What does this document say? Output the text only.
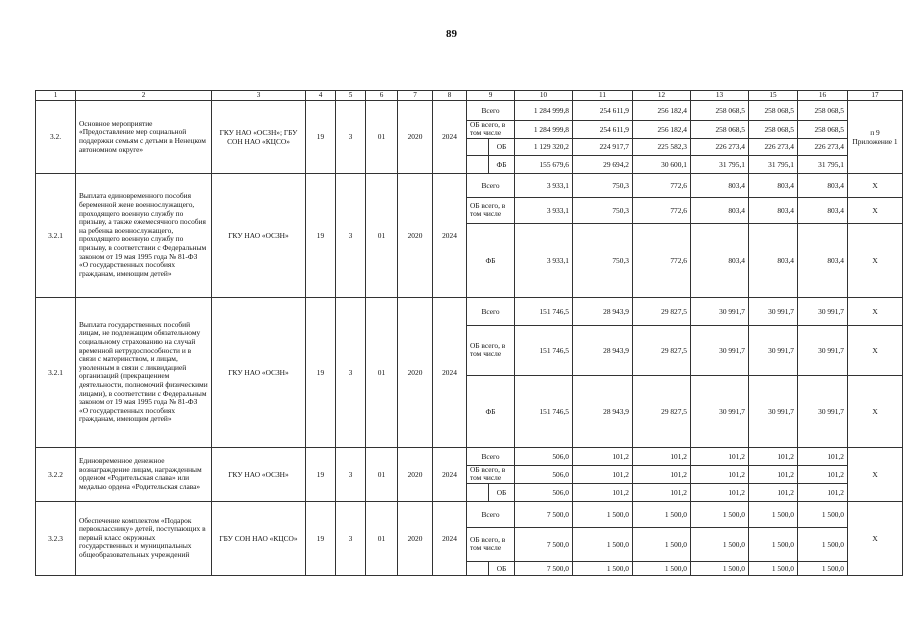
89
1	2	3	4	5	6	7	8	9		10	11	12	13	15	16	17
3.2.	Основное мероприятие «Предоставление мер социальной поддержки семьям с детьми в Ненецком автономном округе»	ГКУ НАО «ОСЗН»; ГБУ СОН НАО «КЦСО»	19	3	01	2020	2024	Всего		1 284 999,8	254 611,9	256 182,4	258 068,5	258 068,5	258 068,5	п 9 Приложение 1
								ОБ всего, в том числе		1 284 999,8	254 611,9	256 182,4	258 068,5	258 068,5	258 068,5	
									ОБ	1 129 320,2	224 917,7	225 582,3	226 273,4	226 273,4	226 273,4	
									ФБ	155 679,6	29 694,2	30 600,1	31 795,1	31 795,1	31 795,1	
3.2.1	Выплата единовременного пособия беременной жене военнослужащего, проходящего военную службу по призыву, а также ежемесячного пособия на ребенка военнослужащего, проходящего военную службу по призыву, в соответствии с Федеральным законом от 19 мая 1995 года № 81-ФЗ «О государственных пособиях гражданам, имеющим детей»	ГКУ НАО «ОСЗН»	19	3	01	2020	2024	Всего		3 933,1	750,3	772,6	803,4	803,4	803,4	X
								ОБ всего, в том числе		3 933,1	750,3	772,6	803,4	803,4	803,4	X
								ФБ		3 933,1	750,3	772,6	803,4	803,4	803,4	X
3.2.1	Выплата государственных пособий лицам, не подлежащим обязательному социальному страхованию на случай временной нетрудоспособности и в связи с материнством, и лицам, уволенным в связи с ликвидацией организаций (прекращением деятельности, полномочий физическими лицами), в соответствии с Федеральным законом от 19 мая 1995 года № 81-ФЗ «О государственных пособиях гражданам, имеющим детей»	ГКУ НАО «ОСЗН»	19	3	01	2020	2024	Всего		151 746,5	28 943,9	29 827,5	30 991,7	30 991,7	30 991,7	X
								ОБ всего, в том числе		151 746,5	28 943,9	29 827,5	30 991,7	30 991,7	30 991,7	X
								ФБ		151 746,5	28 943,9	29 827,5	30 991,7	30 991,7	30 991,7	X
3.2.2	Единовременное денежное вознаграждение лицам, награжденным орденом «Родительская слава» или медалью ордена «Родительская слава»	ГКУ НАО «ОСЗН»	19	3	01	2020	2024	Всего		506,0	101,2	101,2	101,2	101,2	101,2	X
								ОБ всего, в том числе		506,0	101,2	101,2	101,2	101,2	101,2	
									ОБ	506,0	101,2	101,2	101,2	101,2	101,2	
3.2.3	Обеспечение комплектом «Подарок первокласснику» детей, поступающих в первый класс окружных государственных и муниципальных общеобразовательных учреждений	ГБУ СОН НАО «КЦСО»	19	3	01	2020	2024	Всего		7 500,0	1 500,0	1 500,0	1 500,0	1 500,0	1 500,0	X
								ОБ всего, в том числе		7 500,0	1 500,0	1 500,0	1 500,0	1 500,0	1 500,0	
									ОБ	7 500,0	1 500,0	1 500,0	1 500,0	1 500,0	1 500,0	
